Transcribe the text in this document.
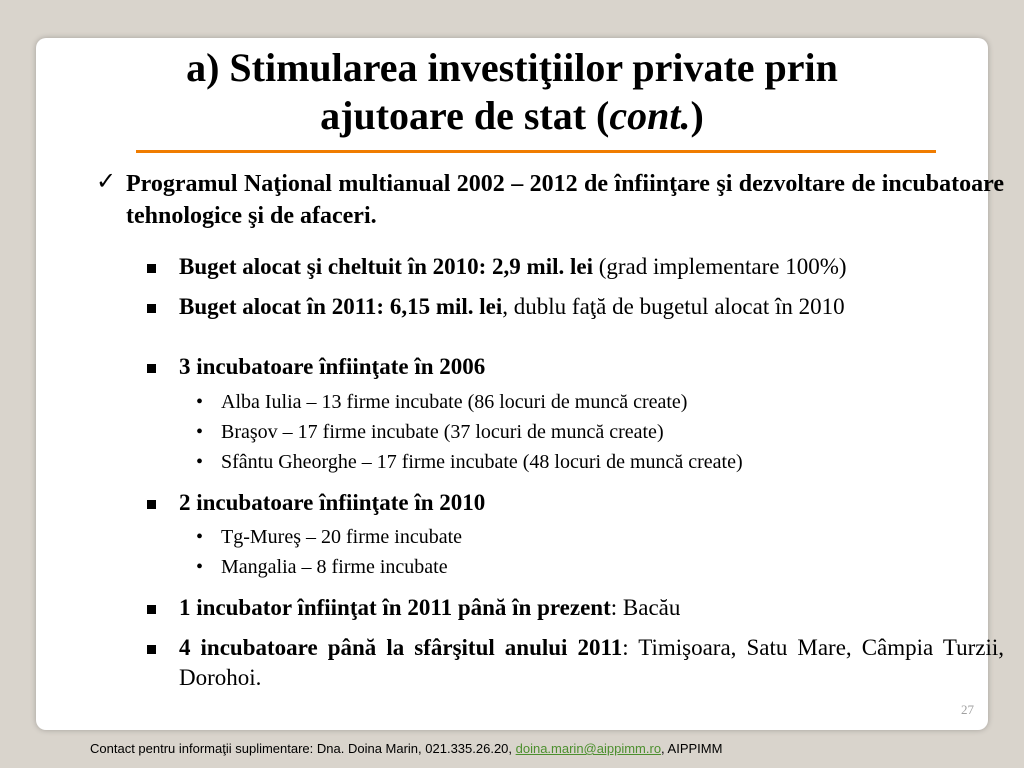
a) Stimularea investiţiilor private prin
ajutoare de stat (cont.)
✓ Programul Naţional multianual 2002 – 2012 de înfiinţare şi dezvoltare de incubatoare tehnologice şi de afaceri.
Buget alocat şi cheltuit în 2010: 2,9 mil. lei (grad implementare 100%)
Buget alocat în 2011: 6,15 mil. lei, dublu faţă de bugetul alocat în 2010
3 incubatoare înfiinţate în 2006
• Alba Iulia – 13 firme incubate (86 locuri de muncă create)
• Braşov – 17 firme incubate (37 locuri de muncă create)
• Sfântu Gheorghe – 17 firme incubate (48 locuri de muncă create)
2 incubatoare înfiinţate în 2010
• Tg-Mureş – 20 firme incubate
• Mangalia – 8 firme incubate
1 incubator înfiinţat în 2011 până în prezent: Bacău
4 incubatoare până la sfârşitul anului 2011: Timişoara, Satu Mare, Câmpia Turzii, Dorohoi.
27
Contact pentru informaţii suplimentare: Dna. Doina Marin, 021.335.26.20, doina.marin@aippimm.ro, AIPPIMM
